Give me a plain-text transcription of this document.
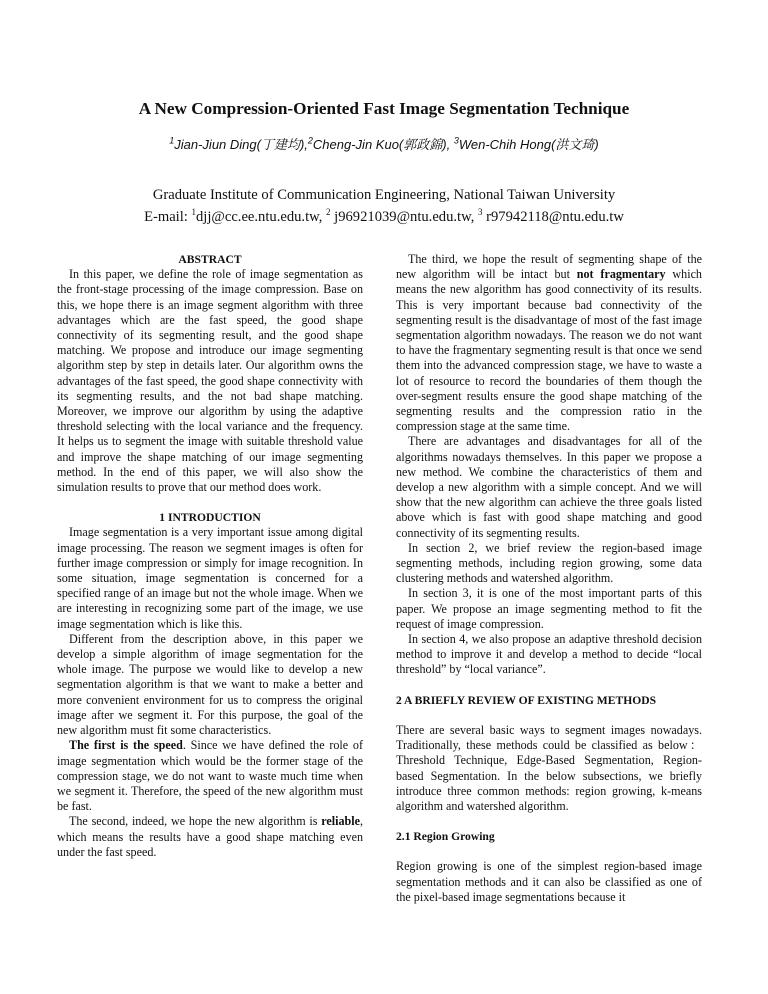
A New Compression-Oriented Fast Image Segmentation Technique
$^1$Jian-Jiun Ding(丁建均),$^2$Cheng-Jin Kuo(郭政錦), $^3$Wen-Chih Hong(洪文琦)
Graduate Institute of Communication Engineering, National Taiwan University
E-mail: $^1$djj@cc.ee.ntu.edu.tw, $^2$ j96921039@ntu.edu.tw, $^3$ r97942118@ntu.edu.tw

ABSTRACT

In this paper, we define the role of image segmentation as the front-stage processing of the image compression. Base on this, we hope there is an image segment algorithm with three advantages which are the fast speed, the good shape connectivity of its segmenting result, and the good shape matching. We propose and introduce our image segmenting algorithm step by step in details later. Our algorithm owns the advantages of the fast speed, the good shape connectivity with its segmenting results, and the not bad shape matching. Moreover, we improve our algorithm by using the adaptive threshold selecting with the local variance and the frequency. It helps us to segment the image with suitable threshold value and improve the shape matching of our image segmenting method. In the end of this paper, we will also show the simulation results to prove that our method does work.

1 INTRODUCTION

Image segmentation is a very important issue among digital image processing. The reason we segment images is often for further image compression or simply for image recognition. In some situation, image segmentation is concerned for a specified range of an image but not the whole image. When we are interesting in recognizing some part of the image, we use image segmentation which is like this.

Different from the description above, in this paper we develop a simple algorithm of image segmentation for the whole image. The purpose we would like to develop a new segmentation algorithm is that we want to make a better and more convenient environment for us to compress the original image after we segment it. For this purpose, the goal of the new algorithm must fit some characteristics.

The first is the speed. Since we have defined the role of image segmentation which would be the former stage of the compression stage, we do not want to waste much time when we segment it. Therefore, the speed of the new algorithm must be fast.

The second, indeed, we hope the new algorithm is reliable, which means the results have a good shape matching even under the fast speed.

The third, we hope the result of segmenting shape of the new algorithm will be intact but not fragmentary which means the new algorithm has good connectivity of its results. This is very important because bad connectivity of the segmenting result is the disadvantage of most of the fast image segmentation algorithm nowadays. The reason we do not want to have the fragmentary segmenting result is that once we send them into the advanced compression stage, we have to waste a lot of resource to record the boundaries of them though the over-segment results ensure the good shape matching of the segmenting results and the compression ratio in the compression stage at the same time.

There are advantages and disadvantages for all of the algorithms nowadays themselves. In this paper we propose a new method. We combine the characteristics of them and develop a new algorithm with a simple concept. And we will show that the new algorithm can achieve the three goals listed above which is fast with good shape matching and good connectivity of its segmenting results.

In section 2, we brief review the region-based image segmenting methods, including region growing, some data clustering methods and watershed algorithm.

In section 3, it is one of the most important parts of this paper. We propose an image segmenting method to fit the request of image compression.

In section 4, we also propose an adaptive threshold decision method to improve it and develop a method to decide “local threshold” by “local variance”.

2 A BRIEFLY REVIEW OF EXISTING METHODS

There are several basic ways to segment images nowadays. Traditionally, these methods could be classified as below：Threshold Technique, Edge-Based Segmentation, Region-based Segmentation. In the below subsections, we briefly introduce three common methods: region growing, k-means algorithm and watershed algorithm.

2.1 Region Growing

Region growing is one of the simplest region-based image segmentation methods and it can also be classified as one of the pixel-based image segmentations because it
